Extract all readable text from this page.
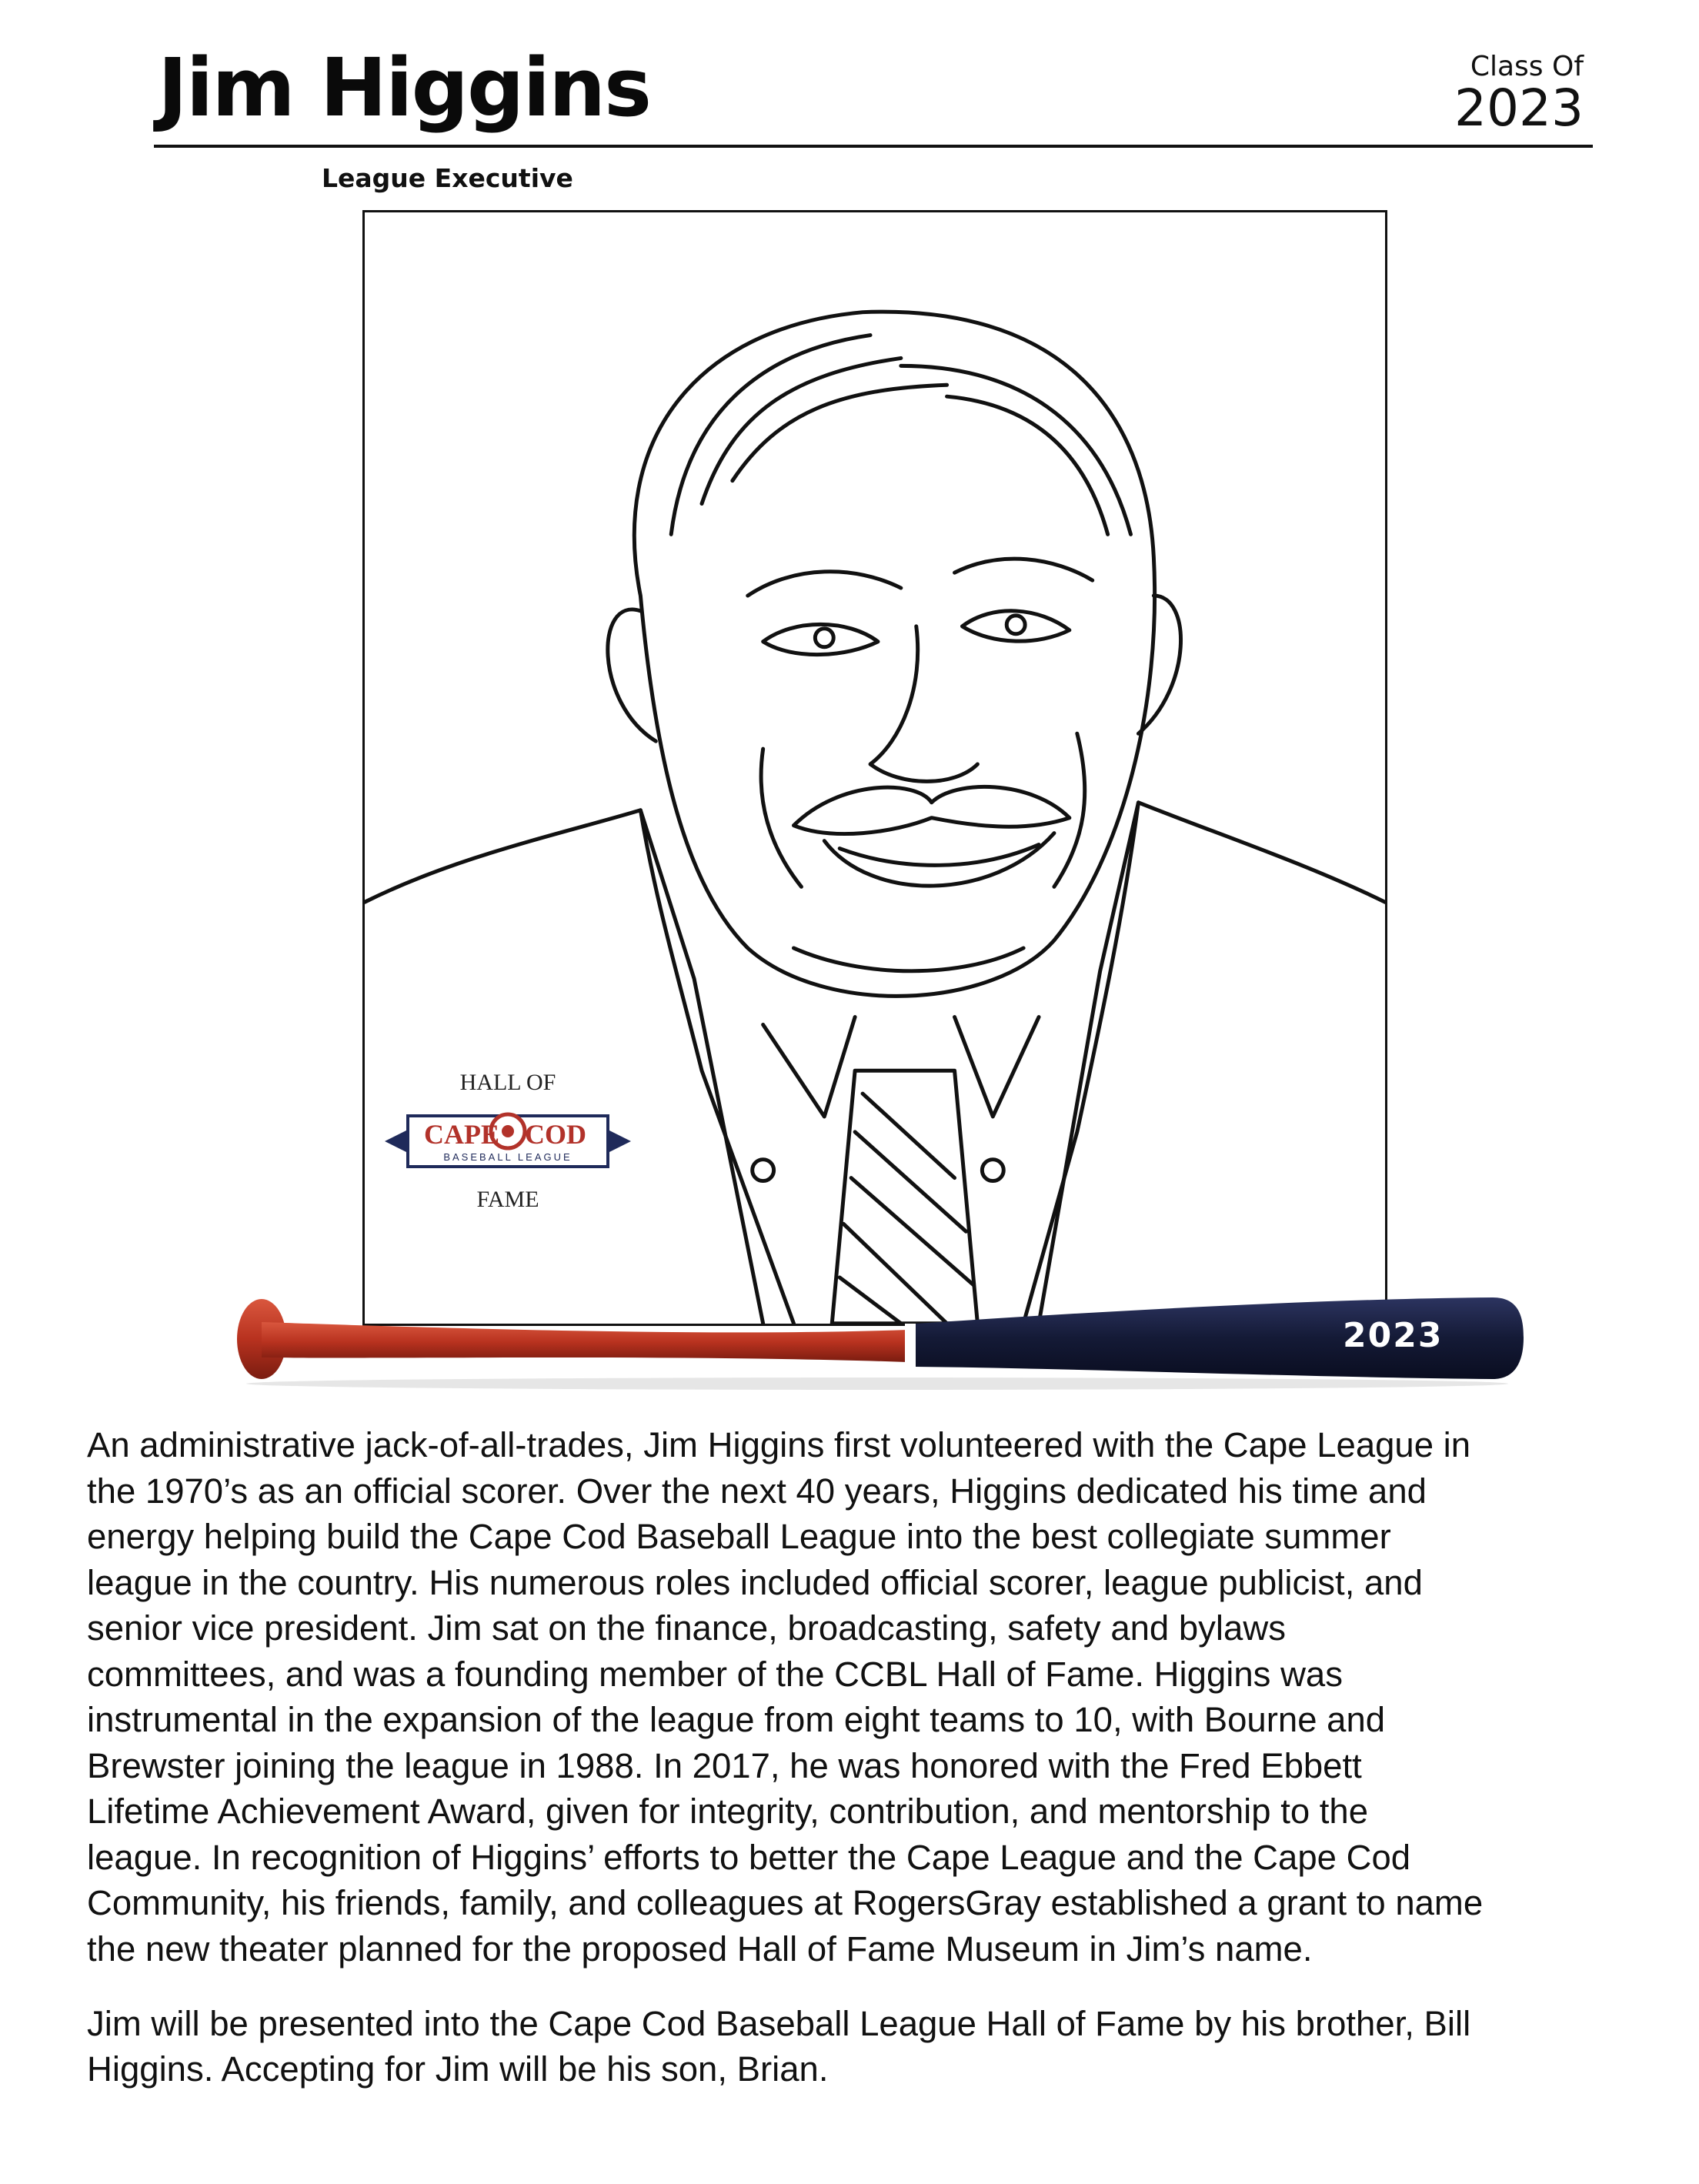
Jim Higgins	Class Of
2023
League Executive
HALL OF
CAPE COD
BASEBALL LEAGUE
FAME
2023

An administrative jack-of-all-trades, Jim Higgins first volunteered with the Cape League in
the 1970’s as an official scorer. Over the next 40 years, Higgins dedicated his time and
energy helping build the Cape Cod Baseball League into the best collegiate summer
league in the country. His numerous roles included official scorer, league publicist, and
senior vice president. Jim sat on the finance, broadcasting, safety and bylaws
committees, and was a founding member of the CCBL Hall of Fame. Higgins was
instrumental in the expansion of the league from eight teams to 10, with Bourne and
Brewster joining the league in 1988. In 2017, he was honored with the Fred Ebbett
Lifetime Achievement Award, given for integrity, contribution, and mentorship to the
league. In recognition of Higgins’ efforts to better the Cape League and the Cape Cod
Community, his friends, family, and colleagues at RogersGray established a grant to name
the new theater planned for the proposed Hall of Fame Museum in Jim’s name.

Jim will be presented into the Cape Cod Baseball League Hall of Fame by his brother, Bill
Higgins. Accepting for Jim will be his son, Brian.
